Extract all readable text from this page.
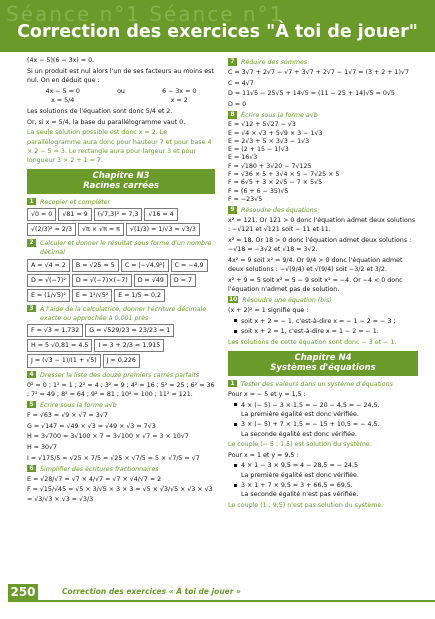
Séance n°1 Séance n°1
Correction des exercices "À toi de jouer"
(4x − 5)(6 − 3x) = 0.
Si un produit est nul alors l'un de ses facteurs au moins est nul. On en déduit que :
4x − 5 = 0
x = 5/4
ou	6 − 3x = 0
x = 2
Les solutions de l'équation sont donc 5/4 et 2.
Or, si x = 5/4, la base du parallélogramme vaut 0.
La seule solution possible est donc x = 2. Le parallélogramme aura donc pour hauteur 7 et pour base 4 × 2 − 5 = 3. Le rectangle aura pour largeur 3 et pour longueur 3 × 2 + 1 = 7.
Chapitre N3
Racines carrées
1	Recopier et compléter
√0 = 0	√81 = 9	(√7,3)² = 7,3	√16 = 4
√(2/3)² = 2/3	√π × √π = π	√(1/3) = 1/√3 = √3/3
2	Calculer et donner le résultat sous forme d'un nombre décimal
A = √4 = 2	B = √25 = 5	C = |−√4,9²|	C = −4,9
D = √(−7)²	D = √(−7)×(−7)	D = √49	D = 7
E = (1/√5)²	E = 1²/√5²	E = 1/5 = 0,2
3	À l'aide de la calculatrice, donner l'écriture décimale exacte ou approchée à 0,001 près
F = √3 ≈ 1,732	G = √529/23 = 23/23 = 1
H = 5 √0,81 = 4,5	I = 3 + 2/3 ≈ 1,915
J = (√3 − 1)/(1 + √5)	J ≈ 0,226
4	Dresser la liste des douze premiers carrés parfaits
0² = 0 ; 1² = 1 ; 2² = 4 ; 3² = 9 ; 4² = 16 ; 5² = 25 ; 6² = 36 ; 7² = 49 ; 8² = 64 ; 9² = 81 ; 10² = 100 ; 11² = 121.
5	Écrire sous la forme a√b
F = √63 = √9 × √7 = 3√7
G = √147 = √49 × √3 = √49 × √3 = 7√3
H = 3√700 = 3√100 × 7 = 3√100 × √7 = 3 × 10√7
H = 30√7
I = √175/5 = √25 × 7/5 = √25 × √7/5 = 5 × √7/5 = √7
6	Simplifier des écritures fractionnaires
E = √28/√7 = √7 × 4/√7 = √7 × √4/√7 = 2
F = √15/√45 = √5 × 3/√5 × 3 × 3 = √5 × √3/√5 × √3 × √3 = √3/√3 × √3 = √3/3
7	Réduire des sommes
C = 3√7 + 2√7 − √7 + 3√7 + 2√7 − 1√7 = (3 + 2 + 1)√7
C = 4√7
D = 11√5 − 25√5 + 14√5 = (11 − 25 + 14)√5 = 0√5
D = 0
8	Écrire sous la forme a√b
E = √12 + 5√27 − √3
E = √4 × √3 + 5√9 × 3 − 1√3
E = 2√3 + 5 × 3√3 − 1√3
E = (2 + 15 − 1)√3
E = 16√3
F = √180 + 3√20 − 7√125
F = √36 × 5 + 3√4 × 5 − 7√25 × 5
F = 6√5 + 3 × 2√5 − 7 × 5√5
F = (6 + 6 − 35)√5
F = −23√5
9	Résoudre des équations
x² = 121. Or 121 > 0 donc l'équation admet deux solutions : −√121 et √121 soit − 11 et 11.
x² = 18. Or 18 > 0 donc l'équation admet deux solutions : −√18 = −3√2 et √18 = 3√2.
4x² = 9 soit x² = 9/4. Or 9/4 > 0 donc l'équation admet deux solutions : −√(9/4) et √(9/4) soit −3/2 et 3/2.
x² + 9 = 5 soit x² = 5 − 9 soit x² = −4. Or −4 < 0 donc l'équation n'admet pas de solution.
10 Résoudre une équation (bis)
(x + 2)² = 1 signifie que :
soit x + 2 = − 1, c'est-à-dire x = − 1 − 2 = − 3 ;
soit x + 2 = 1, c'est-à-dire x = 1 − 2 = − 1.
Les solutions de cette équation sont donc − 3 et − 1.
Chapitre N4
Systèmes d'équations
1	Tester des valeurs dans un système d'équations
Pour x = − 5 et y = 1,5 :
4 × (− 5) − 3 × 1,5 = − 20 − 4,5 = − 24,5.
La première égalité est donc vérifiée.
3 × (− 5) + 7 × 1,5 = − 15 + 10,5 = − 4,5.
La seconde égalité est donc vérifiée.
Le couple (− 5 ; 1,5) est solution du système.
Pour x = 1 et y = 9,5 :
4 × 1 − 3 × 9,5 = 4 − 28,5 = − 24,5
La première égalité est donc vérifiée.
3 × 1 + 7 × 9,5 = 3 + 66,5 = 69,5.
La seconde égalité n'est pas vérifiée.
Le couple (1 ; 9,5) n'est pas solution du système.
250	Correction des exercices « À toi de jouer »
